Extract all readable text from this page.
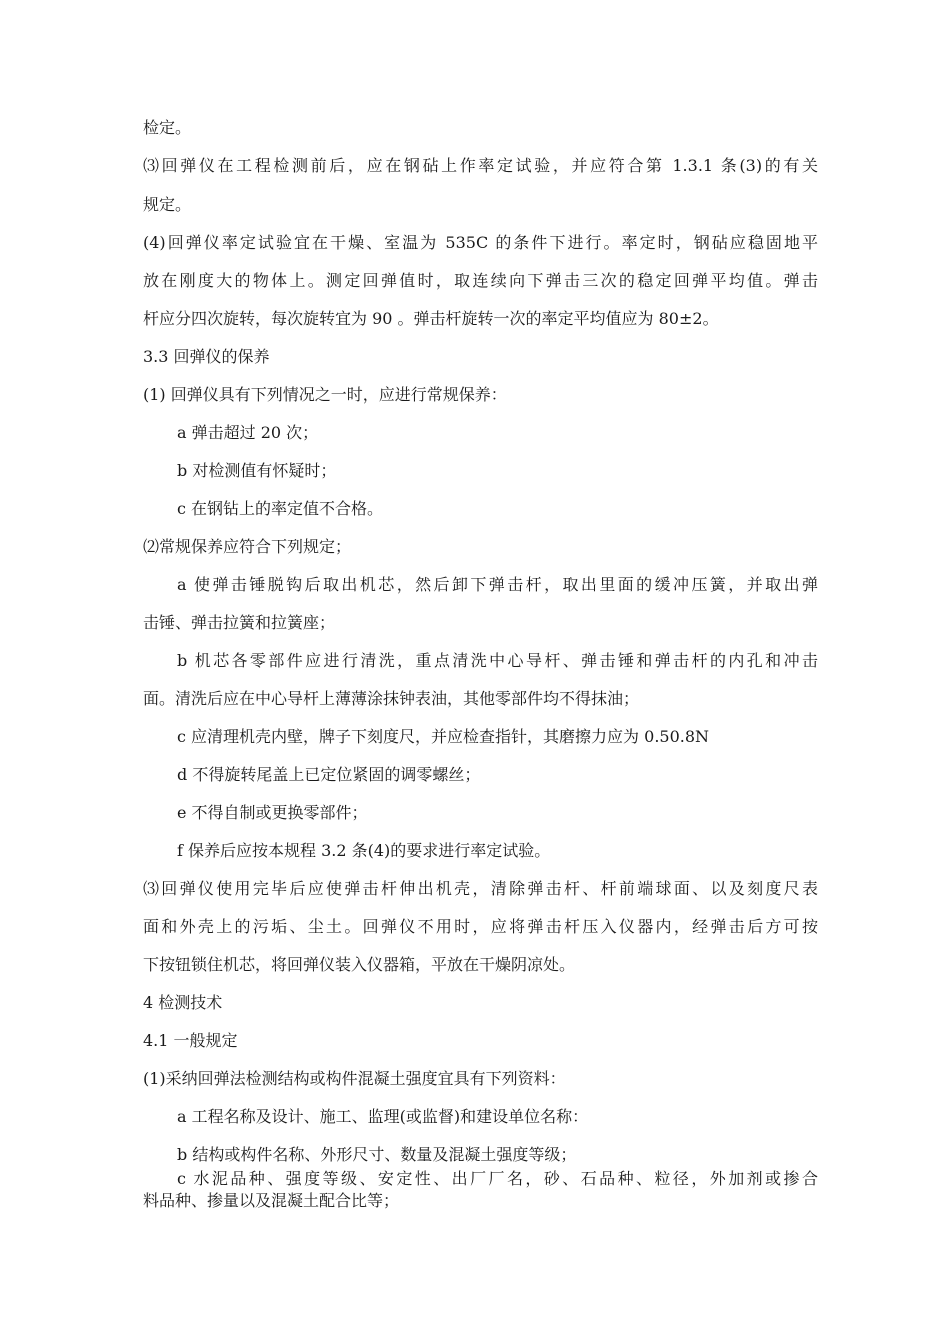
检定。
⑶回弹仪在工程检测前后，应在钢砧上作率定试验，并应符合第 1.3.1 条(3)的有关
规定。
(4)回弹仪率定试验宜在干燥、室温为 535C 的条件下进行。率定时，钢砧应稳固地平
放在刚度大的物体上。测定回弹值时，取连续向下弹击三次的稳定回弹平均值。弹击
杆应分四次旋转，每次旋转宜为 90 。弹击杆旋转一次的率定平均值应为 80±2。
3.3 回弹仪的保养
(1) 回弹仪具有下列情况之一时，应进行常规保养：
a 弹击超过 20 次；
b 对检测值有怀疑时；
c 在钢钻上的率定值不合格。
⑵常规保养应符合下列规定；
a 使弹击锤脱钩后取出机芯，然后卸下弹击杆，取出里面的缓冲压簧，并取出弹
击锤、弹击拉簧和拉簧座；
b 机芯各零部件应进行清洗，重点清洗中心导杆、弹击锤和弹击杆的内孔和冲击
面。清洗后应在中心导杆上薄薄涂抹钟表油，其他零部件均不得抹油；
c 应清理机壳内壁，牌子下刻度尺，并应检查指针，其磨擦力应为 0.50.8N
d 不得旋转尾盖上已定位紧固的调零螺丝；
e 不得自制或更换零部件；
f 保养后应按本规程 3.2 条(4)的要求进行率定试验。
⑶回弹仪使用完毕后应使弹击杆伸出机壳，清除弹击杆、杆前端球面、以及刻度尺表
面和外壳上的污垢、尘土。回弹仪不用时，应将弹击杆压入仪器内，经弹击后方可按
下按钮锁住机芯，将回弹仪装入仪器箱，平放在干燥阴凉处。
4 检测技术
4.1 一般规定
(1)采纳回弹法检测结构或构件混凝土强度宜具有下列资料：
a 工程名称及设计、施工、监理(或监督)和建设单位名称：
b 结构或构件名称、外形尺寸、数量及混凝土强度等级；
c 水泥品种、强度等级、安定性、出厂厂名，砂、石品种、粒径，外加剂或掺合
料品种、掺量以及混凝土配合比等；
